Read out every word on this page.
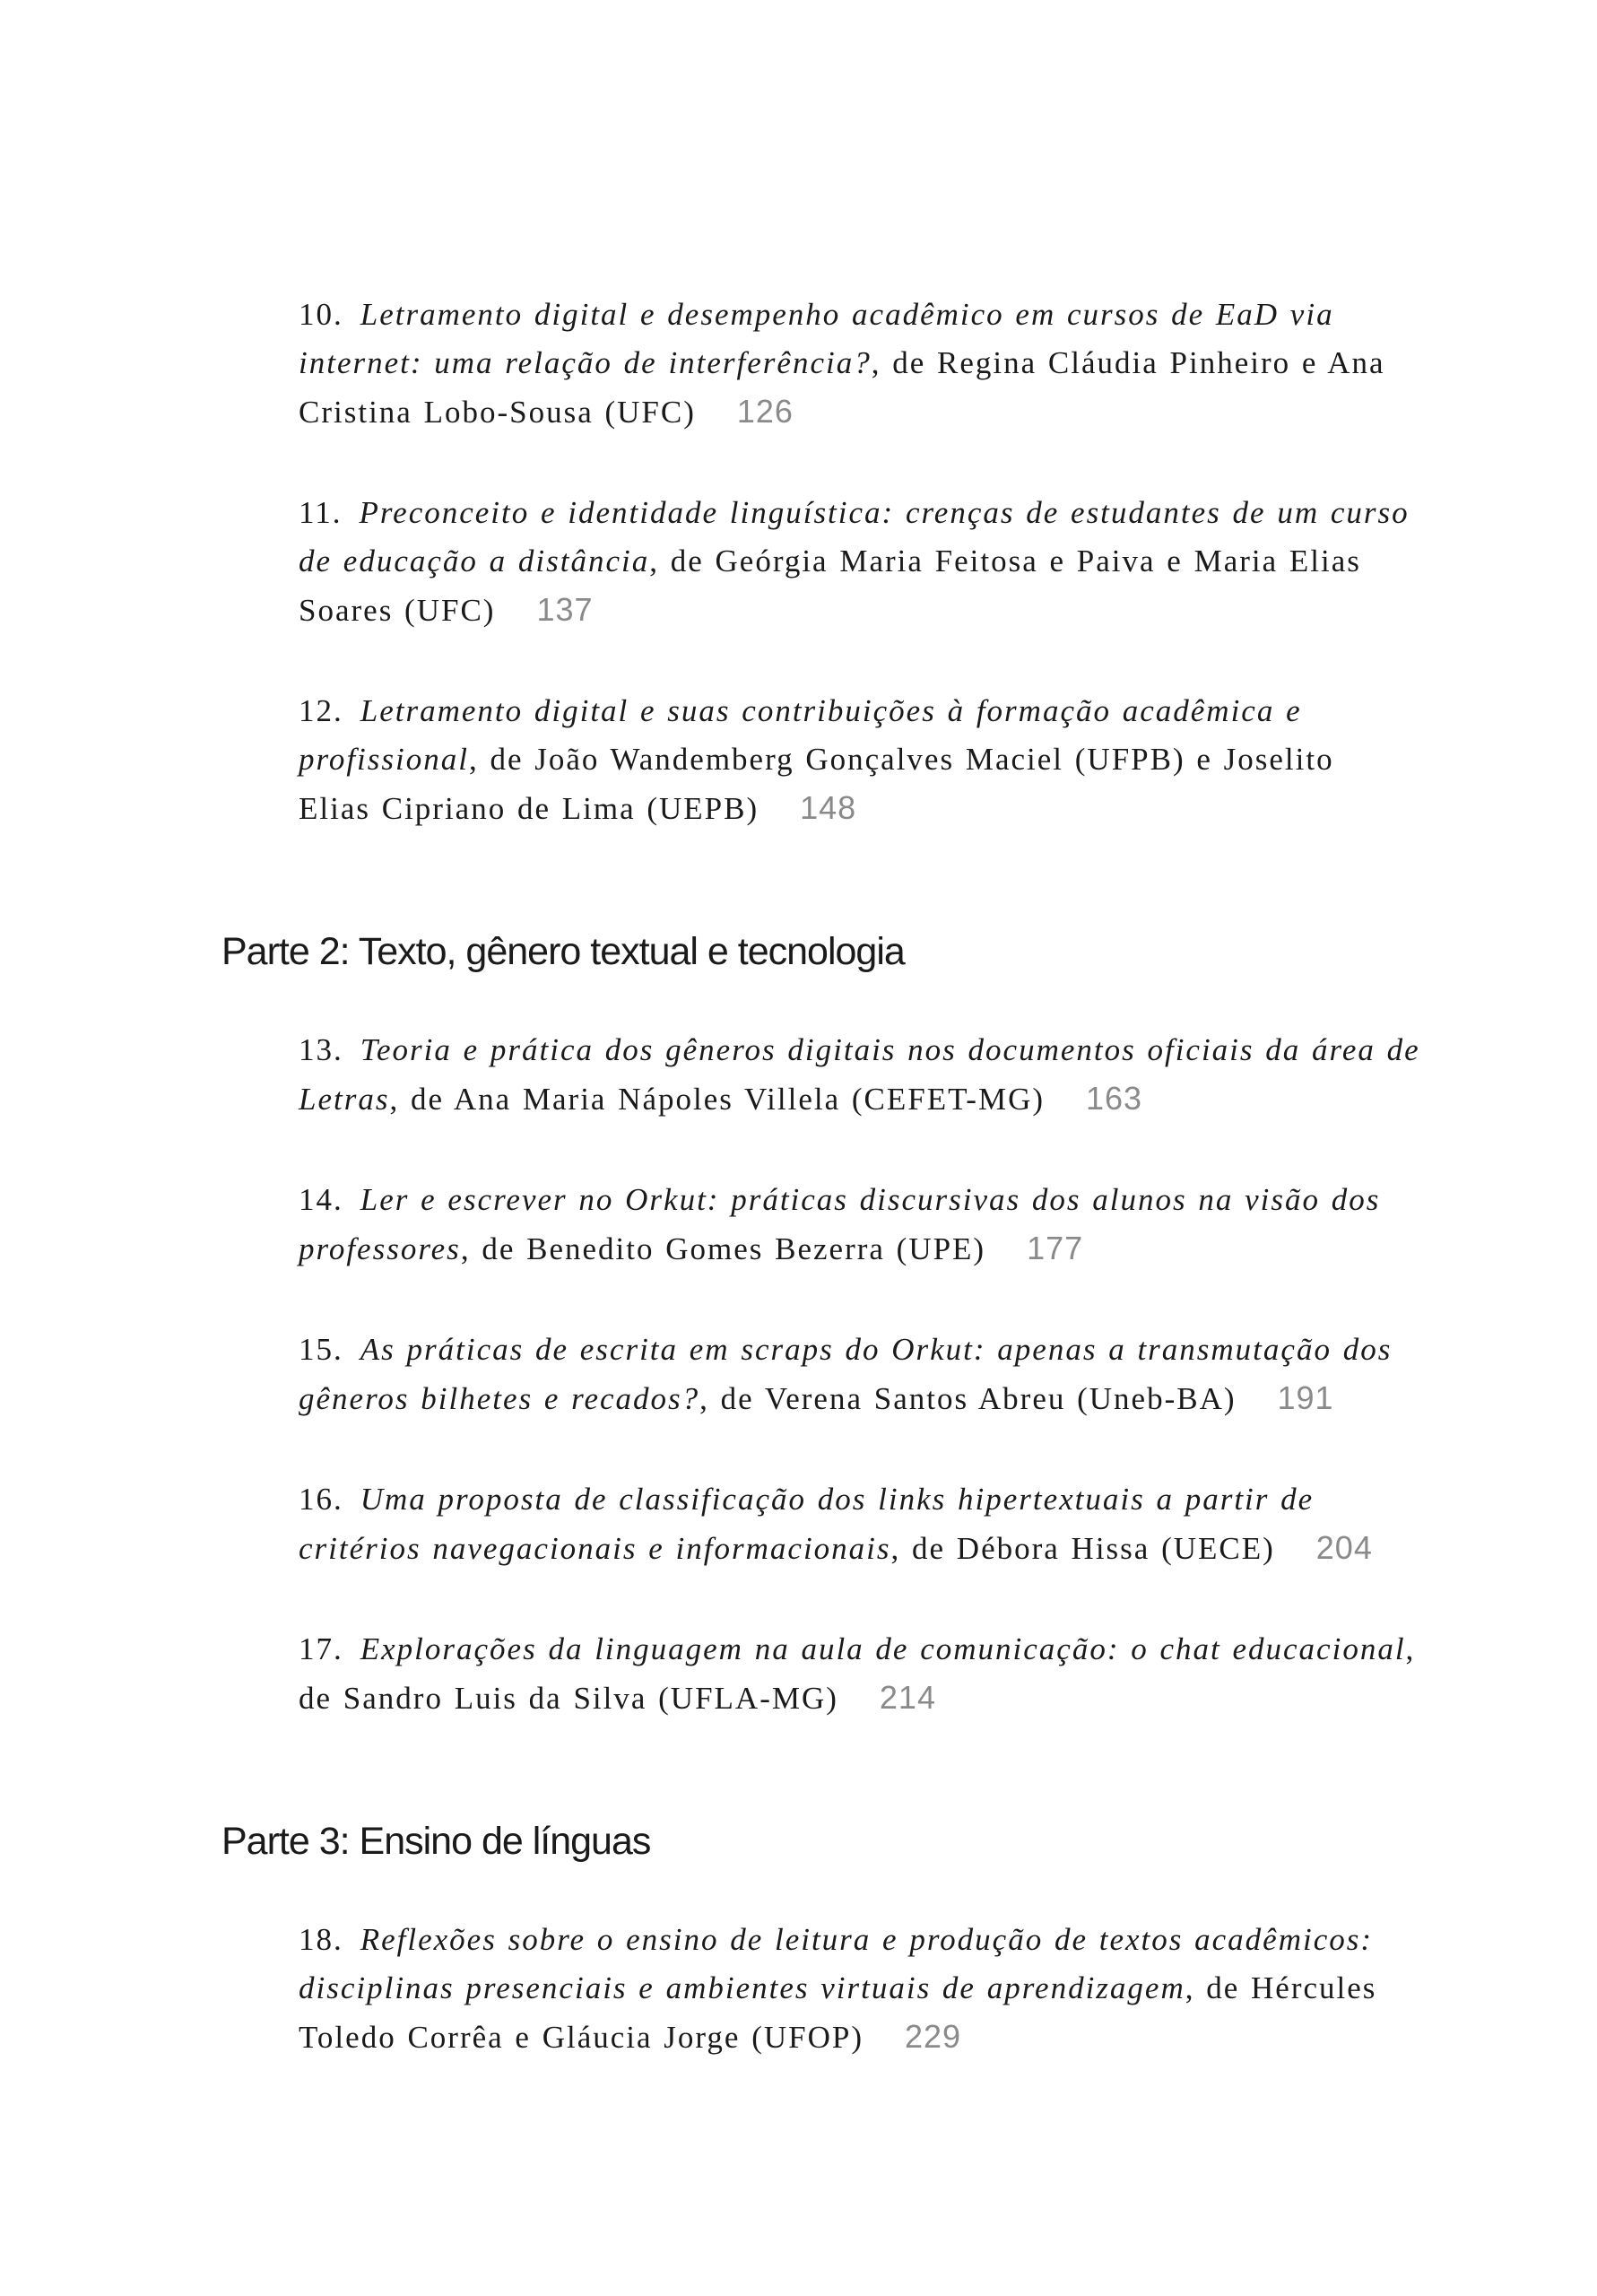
10. Letramento digital e desempenho acadêmico em cursos de EaD via
internet: uma relação de interferência?, de Regina Cláudia Pinheiro e Ana
Cristina Lobo-Sousa (UFC) 126
11. Preconceito e identidade linguística: crenças de estudantes de um curso
de educação a distância, de Geórgia Maria Feitosa e Paiva e Maria Elias
Soares (UFC) 137
12. Letramento digital e suas contribuições à formação acadêmica e
profissional, de João Wandemberg Gonçalves Maciel (UFPB) e Joselito
Elias Cipriano de Lima (UEPB) 148
Parte 2: Texto, gênero textual e tecnologia
13. Teoria e prática dos gêneros digitais nos documentos oficiais da área de
Letras, de Ana Maria Nápoles Villela (CEFET-MG) 163
14. Ler e escrever no Orkut: práticas discursivas dos alunos na visão dos
professores, de Benedito Gomes Bezerra (UPE) 177
15. As práticas de escrita em scraps do Orkut: apenas a transmutação dos
gêneros bilhetes e recados?, de Verena Santos Abreu (Uneb-BA) 191
16. Uma proposta de classificação dos links hipertextuais a partir de
critérios navegacionais e informacionais, de Débora Hissa (UECE) 204
17. Explorações da linguagem na aula de comunicação: o chat educacional,
de Sandro Luis da Silva (UFLA-MG) 214
Parte 3: Ensino de línguas
18. Reflexões sobre o ensino de leitura e produção de textos acadêmicos:
disciplinas presenciais e ambientes virtuais de aprendizagem, de Hércules
Toledo Corrêa e Gláucia Jorge (UFOP) 229
